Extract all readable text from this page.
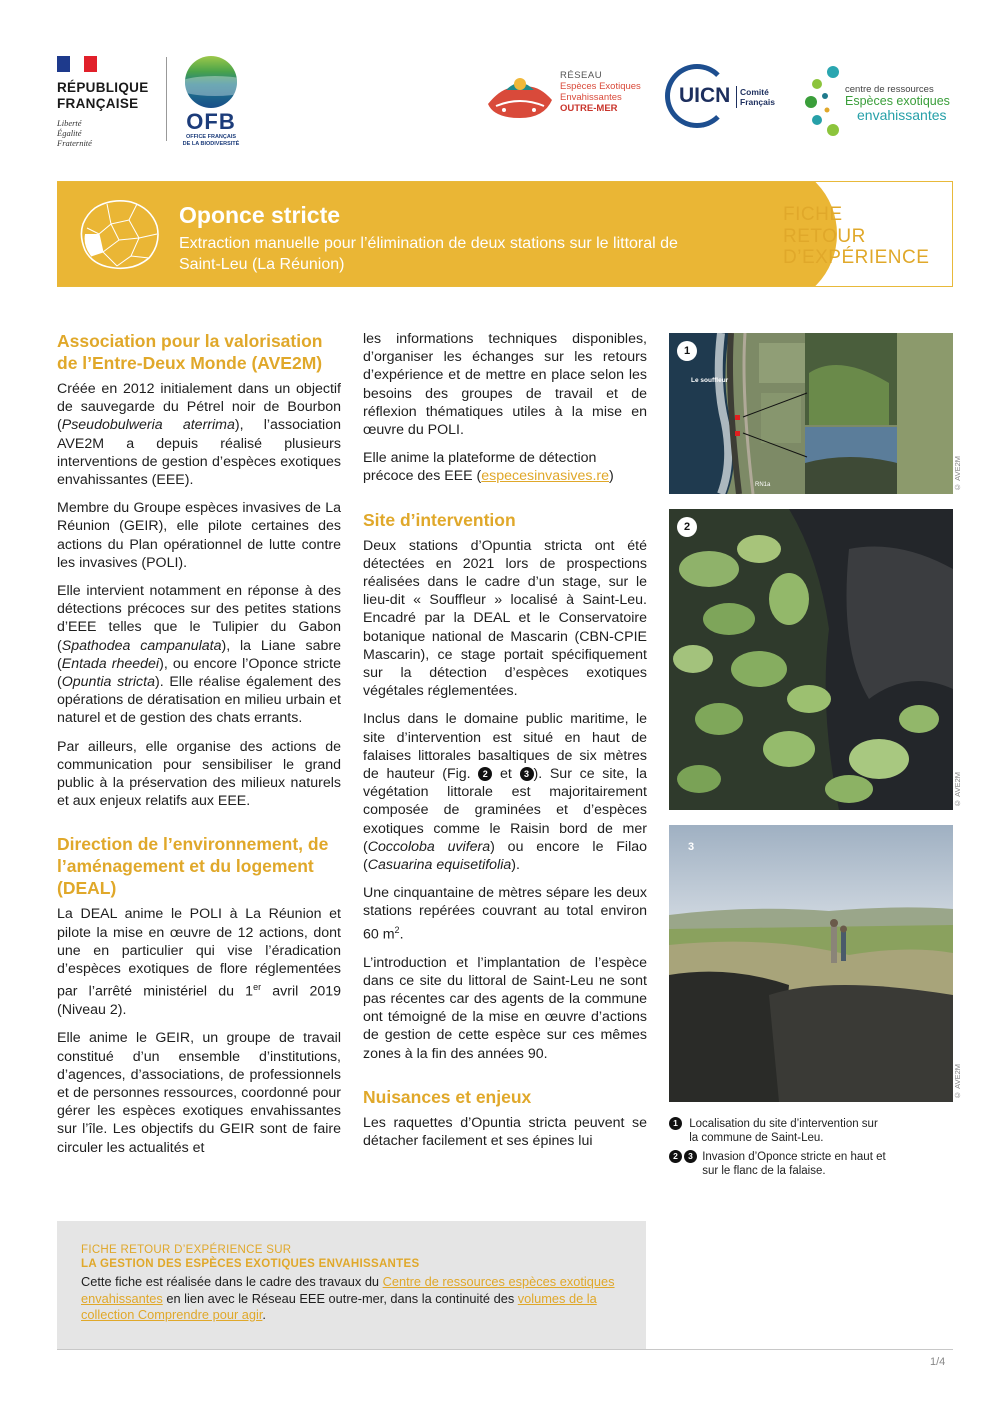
RÉPUBLIQUE
FRANÇAISE
Liberté
Égalité
Fraternité
OFB
OFFICE FRANÇAIS
DE LA BIODIVERSITÉ
RÉSEAU
Espèces Exotiques
Envahissantes
OUTRE-MER
UICN Comité
Français
centre de ressources
Espèces exotiques
envahissantes
Oponce stricte
Extraction manuelle pour l’élimination de deux stations sur le littoral de Saint-Leu (La Réunion)
FICHE
RETOUR
D’EXPÉRIENCE
Association pour la valorisation de l’Entre-Deux Monde (AVE2M)

Créée en 2012 initialement dans un objectif de sauvegarde du Pétrel noir de Bourbon (Pseudobulweria aterrima), l’association AVE2M a depuis réalisé plusieurs interventions de gestion d’espèces exotiques envahissantes (EEE).

Membre du Groupe espèces invasives de La Réunion (GEIR), elle pilote certaines des actions du Plan opérationnel de lutte contre les invasives (POLI).

Elle intervient notamment en réponse à des détections précoces sur des petites stations d’EEE telles que le Tulipier du Gabon (Spathodea campanulata), la Liane sabre (Entada rheedei), ou encore l’Oponce stricte (Opuntia stricta). Elle réalise également des opérations de dératisation en milieu urbain et naturel et de gestion des chats errants.

Par ailleurs, elle organise des actions de communication pour sensibiliser le grand public à la préservation des milieux naturels et aux enjeux relatifs aux EEE.

Direction de l’environnement, de l’aménagement et du logement (DEAL)

La DEAL anime le POLI à La Réunion et pilote la mise en œuvre de 12 actions, dont une en particulier qui vise l’éradication d’espèces exotiques de flore réglementées par l’arrêté ministériel du 1er avril 2019 (Niveau 2).

Elle anime le GEIR, un groupe de travail constitué d’un ensemble d’institutions, d’agences, d’associations, de professionnels et de personnes ressources, coordonné pour gérer les espèces exotiques envahissantes sur l’île. Les objectifs du GEIR sont de faire circuler les actualités et

les informations techniques disponibles, d’organiser les échanges sur les retours d’expérience et de mettre en place selon les besoins des groupes de travail et de réflexion thématiques utiles à la mise en œuvre du POLI.

Elle anime la plateforme de détection précoce des EEE (especesinvasives.re)

Site d’intervention

Deux stations d’Opuntia stricta ont été détectées en 2021 lors de prospections réalisées dans le cadre d’un stage, sur le lieu-dit « Souffleur » localisé à Saint-Leu. Encadré par la DEAL et le Conservatoire botanique national de Mascarin (CBN-CPIE Mascarin), ce stage portait spécifiquement sur la détection d’espèces exotiques végétales réglementées.

Inclus dans le domaine public maritime, le site d’intervention est situé en haut de falaises littorales basaltiques de six mètres de hauteur (Fig. 2 et 3 ). Sur ce site, la végétation littorale est majoritairement composée de graminées et d’espèces exotiques comme le Raisin bord de mer (Coccoloba uvifera) ou encore le Filao (Casuarina equisetifolia).

Une cinquantaine de mètres sépare les deux stations repérées couvrant au total environ 60 $m^2$.

L’introduction et l’implantation de l’espèce dans ce site du littoral de Saint-Leu ne sont pas récentes car des agents de la commune ont témoigné de la mise en œuvre d’actions de gestion de cette espèce sur ces mêmes zones à la fin des années 90.

Nuisances et enjeux

Les raquettes d’Opuntia stricta peuvent se détacher facilement et ses épines lui

1
Le souffleur
RN1a	© AVE2M
2
© AVE2M
3
© AVE2M
1 Localisation du site d’intervention sur la commune de Saint-Leu.
2 3 Invasion d’Oponce stricte en haut et sur le flanc de la falaise.
FICHE RETOUR D’EXPÉRIENCE SUR
LA GESTION DES ESPÈCES EXOTIQUES ENVAHISSANTES
Cette fiche est réalisée dans le cadre des travaux du Centre de ressources espèces exotiques envahissantes en lien avec le Réseau EEE outre-mer, dans la continuité des volumes de la collection Comprendre pour agir.
1/4
